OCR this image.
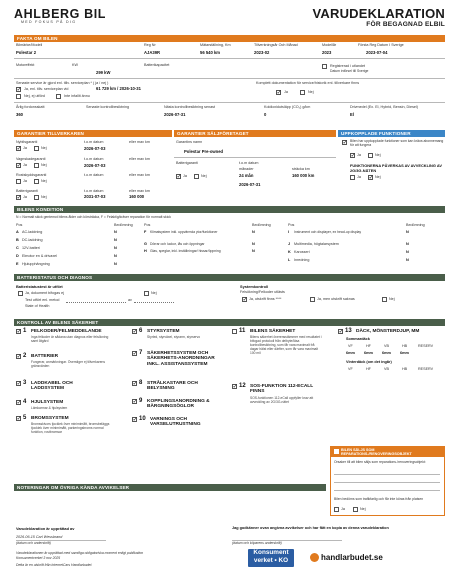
AHLBERG BIL
MED FOKUS PÅ DIG
VARUDEKLARATION
FÖR BEGAGNAD ELBIL
FAKTA OM BILEN
Bilmärke/Modell
Polestar 2
Reg Nr
AJA39R
Mätarställning, Km
56 540 km
Tillverkningsår Och Månad
2023-02
Modellår
2023
Första Reg Datum I Sverige
2023-07-04
Motoreffekt	KW
299 kW
Batterikapacitet	Registrerad i utlandet
Datum införsel till Sverige
Senaste service är gjord enl. tillv. serviceplan * ( ja / nej )
✓
Ja, enl. tillv. serviceplan vid	61 729 km / 2026-10-31
Nej, ej utförd	Inte infallit ännu
Komplett dokumentation för service/historik enl. tillverkare finns
✓
Ja	Nej
Årlig fordonsskatt
360
Senaste kontrollbesiktning	Nästa kontrollbesiktning senast
2026-07-31
Koldioxidutsläpp (CO₂) g/km
0
Drivmedel (Ex. El, Hybrid, Bensin, Diesel)
El
GARANTIER TILLVERKAREN	GARANTIER SÄLJFÖRETAGET	UPPKOPPLADE FUNKTIONER
Nybilsgaranti	t.o.m datum	eller max km
✓
Ja	Nej	2026-07-03
Vagnskadegaranti	t.o.m datum	eller max km
✓
Ja	Nej	2026-07-03
Rostskyddsgaranti	t.o.m datum	eller max km
Ja	Nej
Batterigaranti	t.o.m datum	eller max km
✓
Ja	Nej	2031-07-03	160 000
Garantins namn
Polestar Pre-owned
Batterigaranti
månader
t.o.m datum
sträcka km
✓
Ja	Nej	24 mån
2026-07-31
160 000 km
✓
Bilen har uppkopplade funktioner som kan kräva abonnemang för att fungera
✓
Ja	Nej
FUNKTIONERNA PÅVERKAS AV AVVECKLING AV 2G/3G-NÄTEN
Ja
✓	Nej
BILENS KONDITION
N = Normalt skick gentemot bilens ålder och körsträcka, F = Felaktig/kräver reparation för normalt skick
Pos	Bedömning	Pos	Bedömning	Pos	Bedömning
A AC-laddning	N
B DC-laddning	N
C 12V-batteri	N
D Elmotor en & drivaxel	N
E Hjulupphängning	N
F Klimatsystem inkl. uppvärmda ytor/funktioner	N
G Dörrar och luckor, lås och öppningar	N
H Glas, speglar, inkl. inställningar/ hissar/öppning	N
I Instrument och displayer, ex head-up display	N
J Multimedia, högtalarsystem	N
K Karosseri	N
L Inredning	N
BATTERISTATUS OCH DIAGNOS
Batteristatustest är utfört
Ja, dokument bifogas ej	Nej
Test utfört enl. metod	av
State of Health
Systemkontroll
Felsökning/Felkoder utlästs
✓
Ja, utskrift finns ****	Ja, men utskrift saknas	Nej
KONTROLL AV BILENS SÄKERHET
✓
1 FELKODER/FELMEDDELANDE
Inga felkoder är sådana utan diagnos eller felsökning samt åtgärd
✓
2 BATTERIER
Fungerar, anmärkningar. Överstiger ej tillverkarens gränsvärden
✓
3 LADDKABEL OCH LADDSYSTEM
✓
4 HJULSYSTEM
Lämkarmar & hjulsystem
✓
5 BROMSSYSTEM
Bromsskivors tjocklek över minimimått, bromsbeläggs tjocklek över minimimått, parkeringsbroms normal funktion, rostbromsar
✓
6 STYRSYSTEM
Styrled, styrväxel, styrarm, styrservo
✓
7 SÄKERHETSSYSTEM OCH SÄKERHETS-ANORDNINGAR INKL. ASSISTANSSYSTEM
✓
8 STRÅLKASTARE OCH BELYSNING
✓
9 KOPPLINGSANORDNING & BÄRGNINGSÖGLOR
✓
10 VARNINGS OCH VARSELUTRUSTNING
11 BILENS SÄKERHET
Bilens säkerhet överensstämmer med resultatet i bifogad protokoll från delbyte/läsa kontrollbesiktning, som får vara maximalt frå dagar hälst eller därfter, som får vara maximalt 100 mil
✓
12 SOS-FUNKTION 112-ECALL FINNS
SOS-funktionen 112-eCall uppfyller krav att avveckling av 2G/3G-nätet
✓
13 DÄCK, MÖNSTERDJUP, MM
Sommardäck
VF	HF	VB	HB	RESERV
6mm 6mm 6mm 6mm
Vinterdäck (om det ingår)
VF	HF	VB	HB	RESERV
BILEN SÄLJS SOM REPARATIONS-/RENOVERINGSOBJEKT
Orsaker till att bilen säljs som reparations-/renoveringsobjekt:
Bilen bedöms som trafikfarlig och får inte köras från platsen
Ja	Nej
NOTERINGAR OM ÖVRIGA KÄNDA AVVIKELSER
Varudeklaration är upprättad av
2026-06-15 Carl Wessbrand
(datum och underskrift)
Varudeklarationen är upprättad med samtliga obligatoriska moment enligt publikation
Konsumentverket 3 nov 2025
Detta är en utskrift från InternetCars Handlarbudet.
Jag godkänner ovan angivna avvikelser och har fått en kopia av denna varudeklaration
(datum och köparens underskrift)
Konsument
verket • KO	handlarbudet.se
